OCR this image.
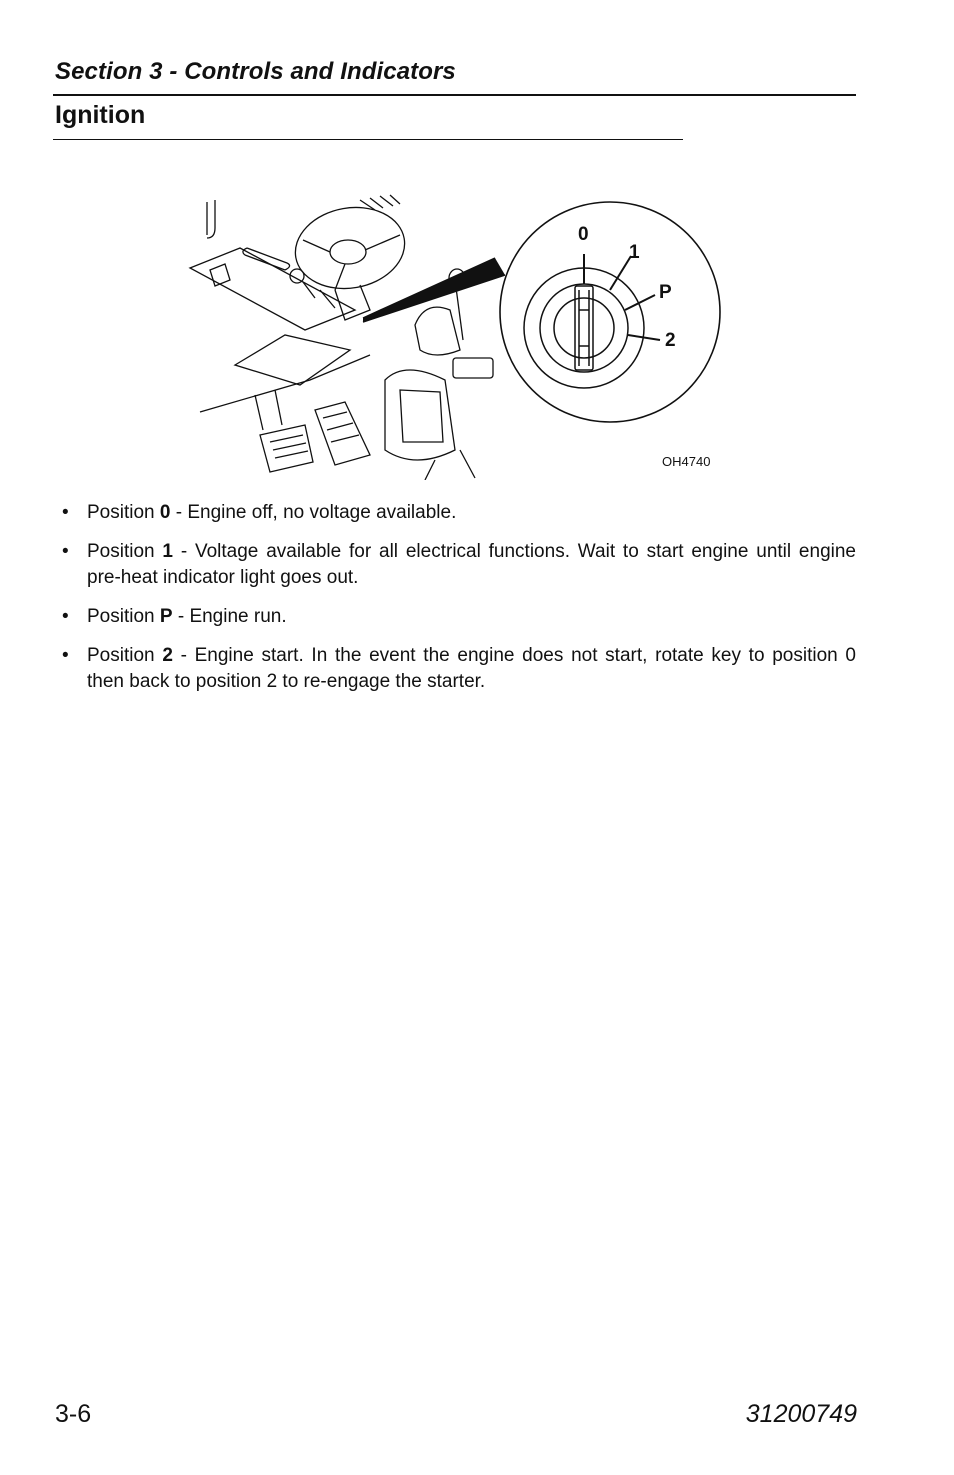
Section 3 - Controls and Indicators
Ignition
0
1
P
2
OH4740
• Position 0 - Engine off, no voltage available.
• Position 1 - Voltage available for all electrical functions. Wait to start engine until engine pre-heat indicator light goes out.
• Position P - Engine run.
• Position 2 - Engine start. In the event the engine does not start, rotate key to position 0 then back to position 2 to re-engage the starter.
3-6	31200749
